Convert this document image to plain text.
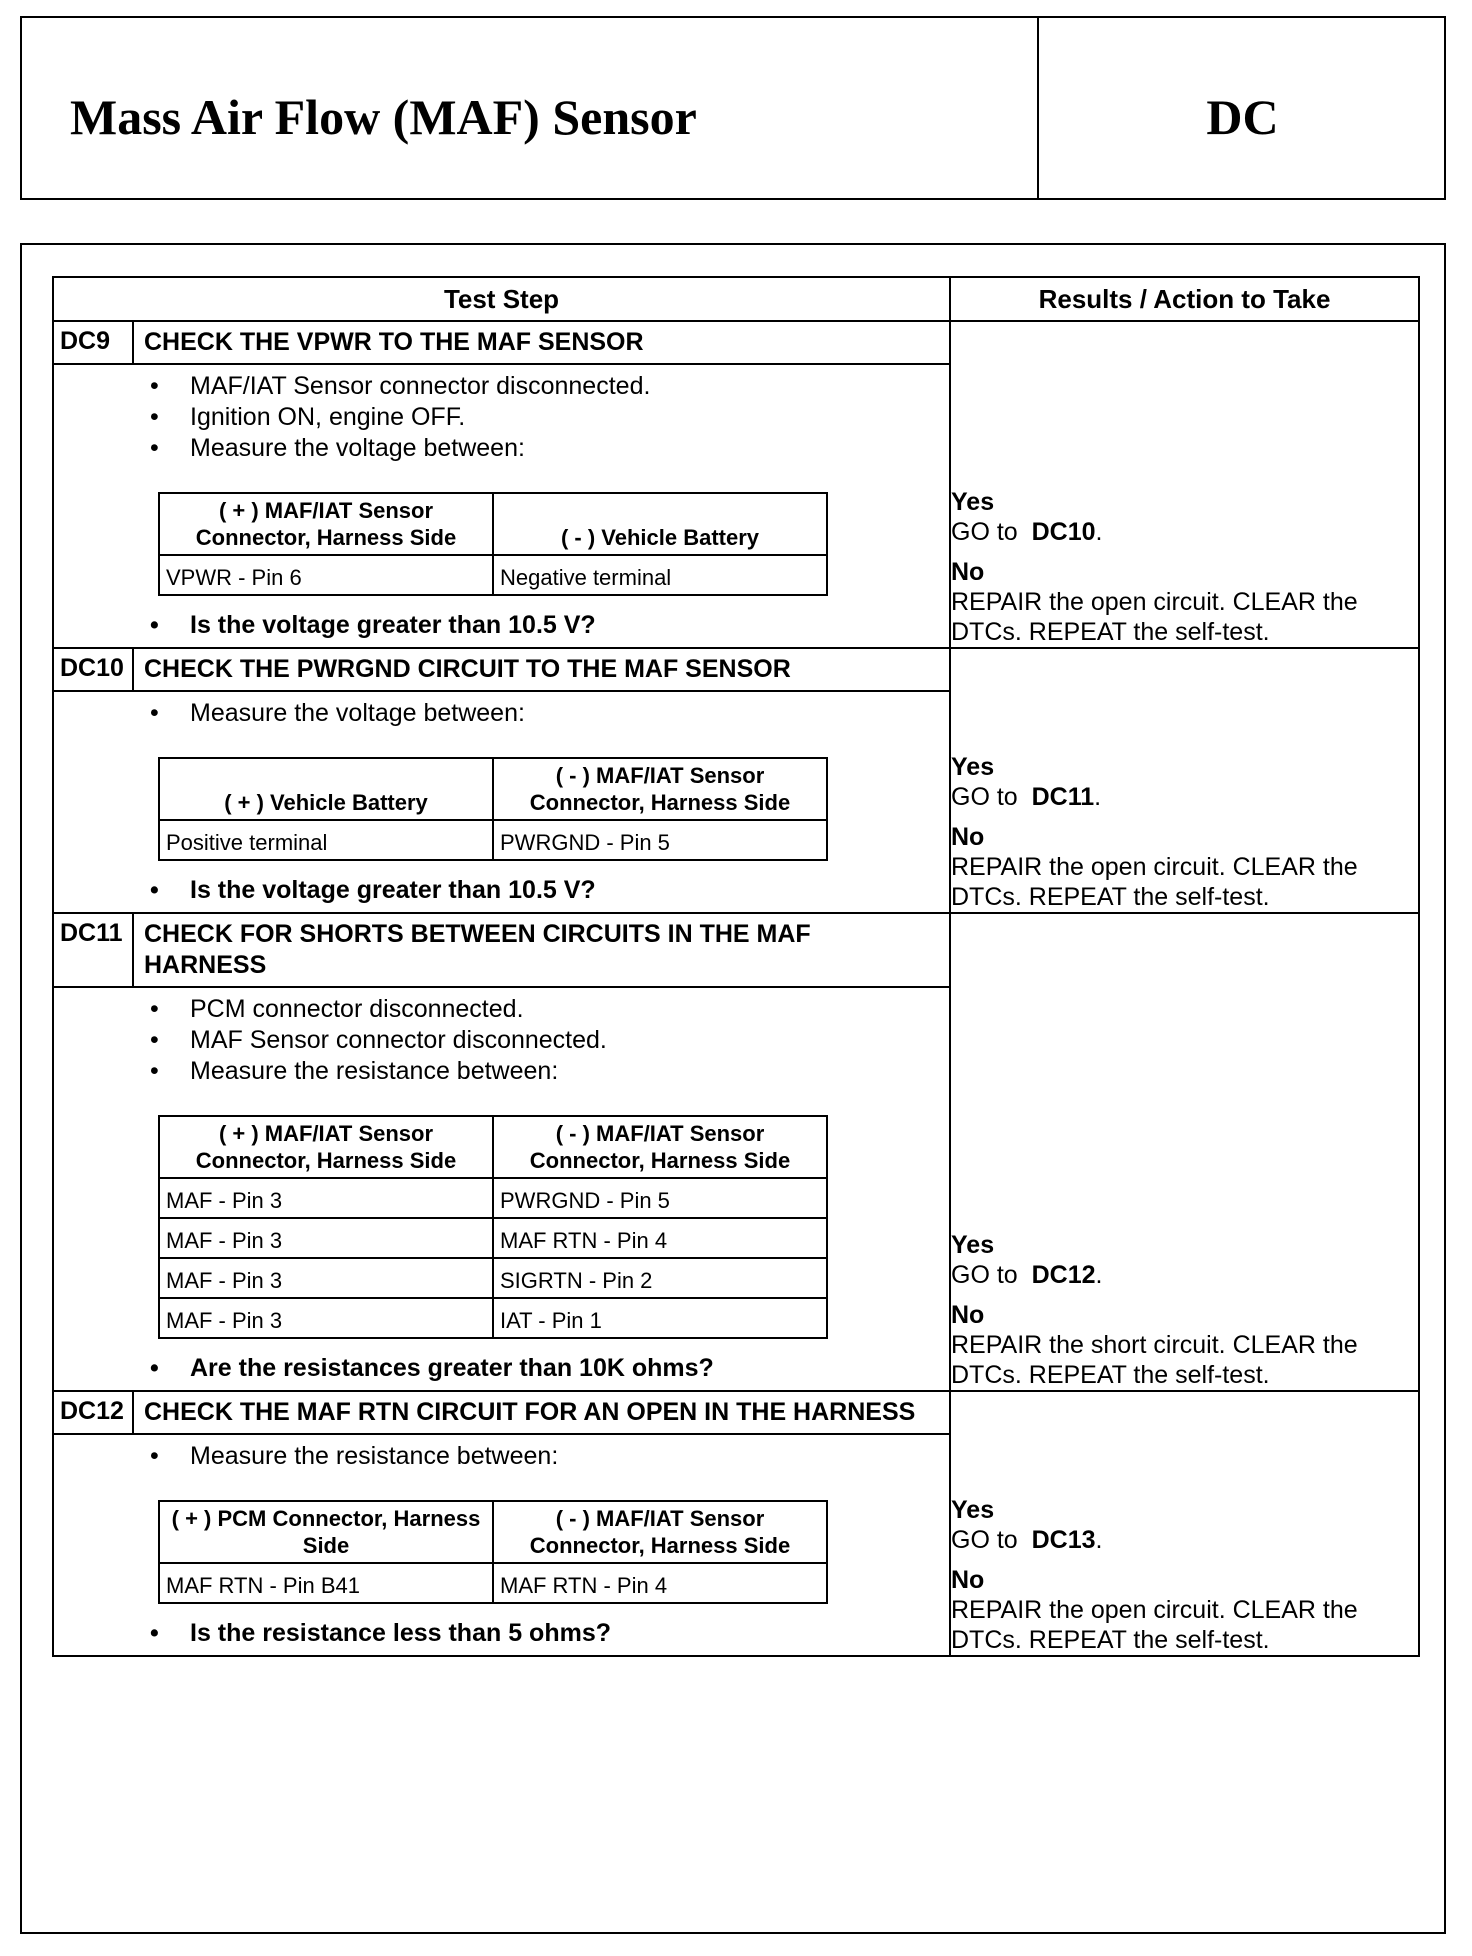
Mass Air Flow (MAF) Sensor	DC
Test Step	Results / Action to Take

DC9	CHECK THE VPWR TO THE MAF SENSOR
• MAF/IAT Sensor connector disconnected.
• Ignition ON, engine OFF.
• Measure the voltage between:
( + ) MAF/IAT Sensor Connector, Harness Side	( - ) Vehicle Battery
VPWR - Pin 6	Negative terminal
• Is the voltage greater than 10.5 V?

Yes
GO to DC10.
No
REPAIR the open circuit. CLEAR the DTCs. REPEAT the self-test.

DC10 CHECK THE PWRGND CIRCUIT TO THE MAF SENSOR
• Measure the voltage between:
( + ) Vehicle Battery	( - ) MAF/IAT Sensor Connector, Harness Side
Positive terminal	PWRGND - Pin 5
• Is the voltage greater than 10.5 V?

Yes
GO to DC11.
No
REPAIR the open circuit. CLEAR the DTCs. REPEAT the self-test.

DC11 CHECK FOR SHORTS BETWEEN CIRCUITS IN THE MAF HARNESS
• PCM connector disconnected.
• MAF Sensor connector disconnected.
• Measure the resistance between:
( + ) MAF/IAT Sensor Connector, Harness Side	( - ) MAF/IAT Sensor Connector, Harness Side
MAF - Pin 3	PWRGND - Pin 5
MAF - Pin 3	MAF RTN - Pin 4
MAF - Pin 3	SIGRTN - Pin 2
MAF - Pin 3	IAT - Pin 1
• Are the resistances greater than 10K ohms?

Yes
GO to DC12.
No
REPAIR the short circuit. CLEAR the DTCs. REPEAT the self-test.

DC12 CHECK THE MAF RTN CIRCUIT FOR AN OPEN IN THE HARNESS
• Measure the resistance between:
( + ) PCM Connector, Harness Side	( - ) MAF/IAT Sensor Connector, Harness Side
MAF RTN - Pin B41	MAF RTN - Pin 4
• Is the resistance less than 5 ohms?

Yes
GO to DC13.
No
REPAIR the open circuit. CLEAR the DTCs. REPEAT the self-test.
